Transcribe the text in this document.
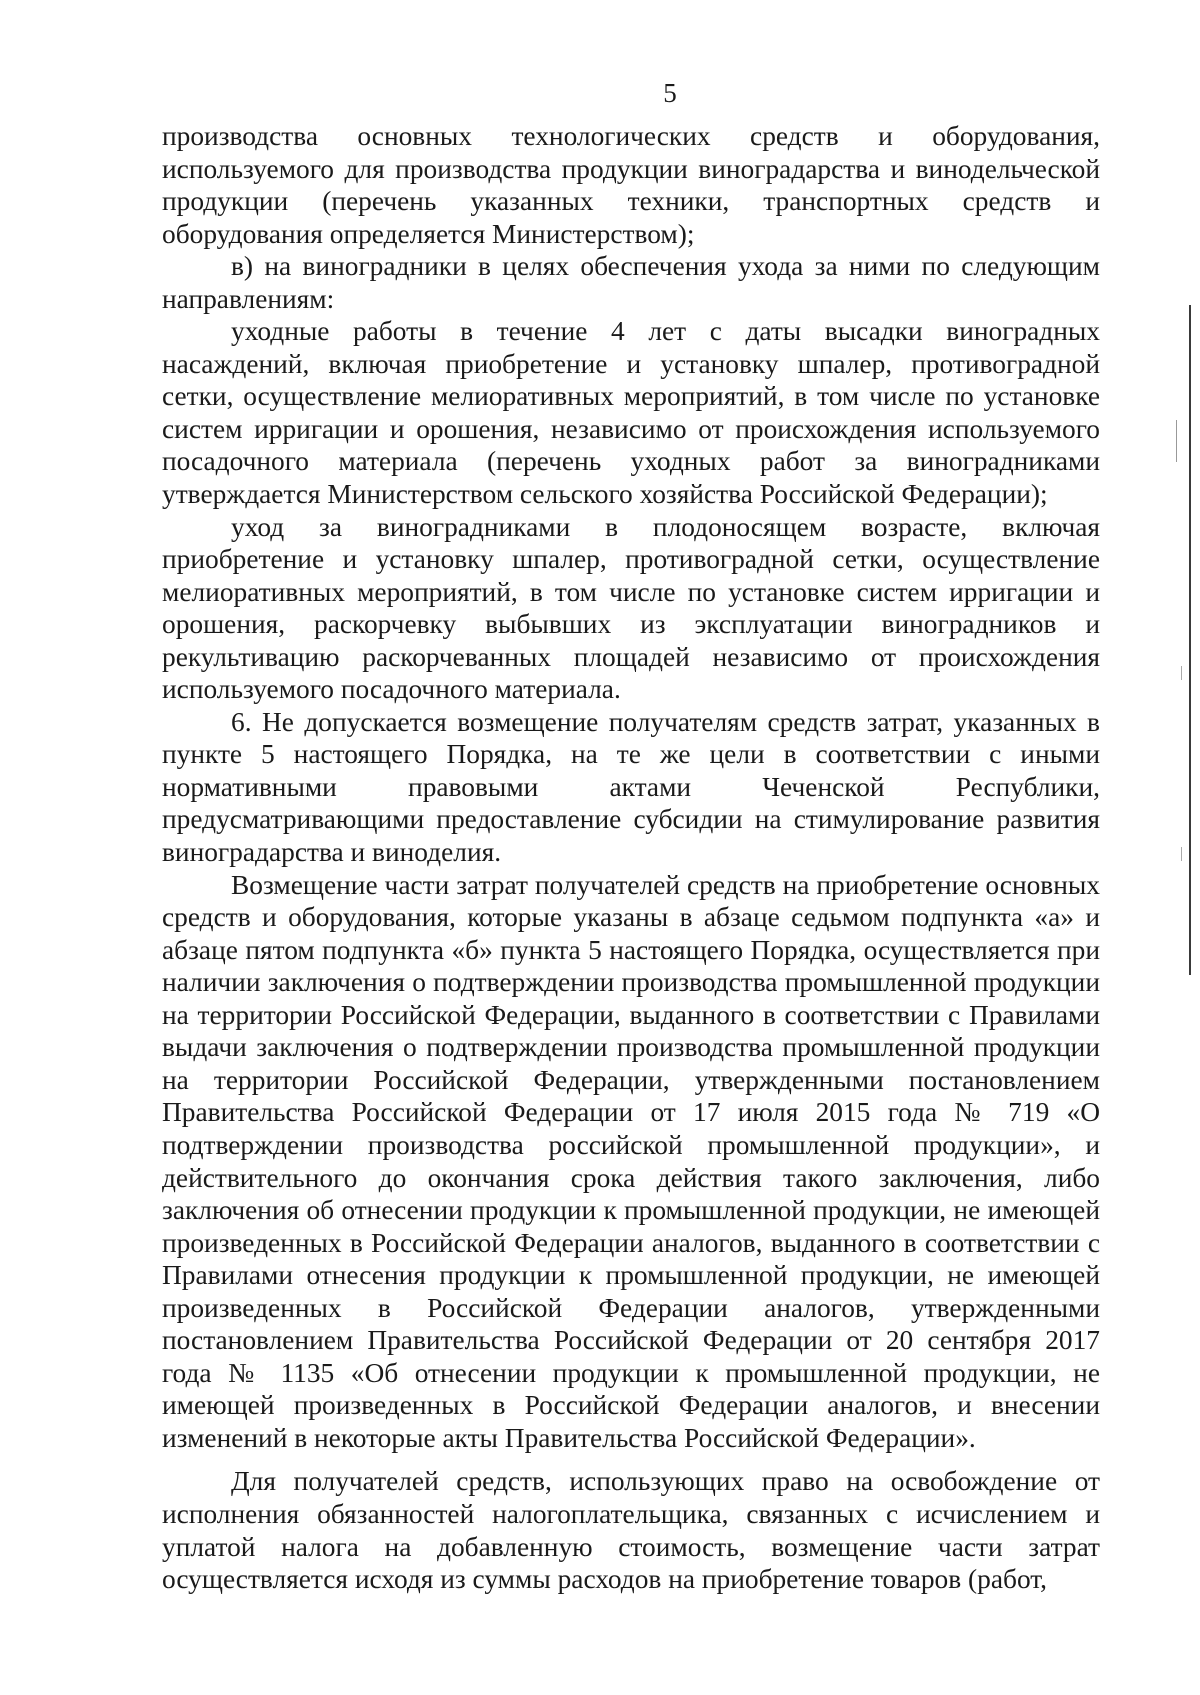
5

производства основных технологических средств и оборудования, используемого для производства продукции виноградарства и винодельческой продукции (перечень указанных техники, транспортных средств и оборудования определяется Министерством);

в) на виноградники в целях обеспечения ухода за ними по следующим направлениям:

уходные работы в течение 4 лет с даты высадки виноградных насаждений, включая приобретение и установку шпалер, противоградной сетки, осуществление мелиоративных мероприятий, в том числе по установке систем ирригации и орошения, независимо от происхождения используемого посадочного материала (перечень уходных работ за виноградниками утверждается Министерством сельского хозяйства Российской Федерации);

уход за виноградниками в плодоносящем возрасте, включая приобретение и установку шпалер, противоградной сетки, осуществление мелиоративных мероприятий, в том числе по установке систем ирригации и орошения, раскорчевку выбывших из эксплуатации виноградников и рекультивацию раскорчеванных площадей независимо от происхождения используемого посадочного материала.

6. Не допускается возмещение получателям средств затрат, указанных в пункте 5 настоящего Порядка, на те же цели в соответствии с иными нормативными правовыми актами Чеченской Республики, предусматривающими предоставление субсидии на стимулирование развития виноградарства и виноделия.

Возмещение части затрат получателей средств на приобретение основных средств и оборудования, которые указаны в абзаце седьмом подпункта «а» и абзаце пятом подпункта «б» пункта 5 настоящего Порядка, осуществляется при наличии заключения о подтверждении производства промышленной продукции на территории Российской Федерации, выданного в соответствии с Правилами выдачи заключения о подтверждении производства промышленной продукции на территории Российской Федерации, утвержденными постановлением Правительства Российской Федерации от 17 июля 2015 года № 719 «О подтверждении производства российской промышленной продукции», и действительного до окончания срока действия такого заключения, либо заключения об отнесении продукции к промышленной продукции, не имеющей произведенных в Российской Федерации аналогов, выданного в соответствии с Правилами отнесения продукции к промышленной продукции, не имеющей произведенных в Российской Федерации аналогов, утвержденными постановлением Правительства Российской Федерации от 20 сентября 2017 года № 1135 «Об отнесении продукции к промышленной продукции, не имеющей произведенных в Российской Федерации аналогов, и внесении изменений в некоторые акты Правительства Российской Федерации».

Для получателей средств, использующих право на освобождение от исполнения обязанностей налогоплательщика, связанных с исчислением и уплатой налога на добавленную стоимость, возмещение части затрат осуществляется исходя из суммы расходов на приобретение товаров (работ,
